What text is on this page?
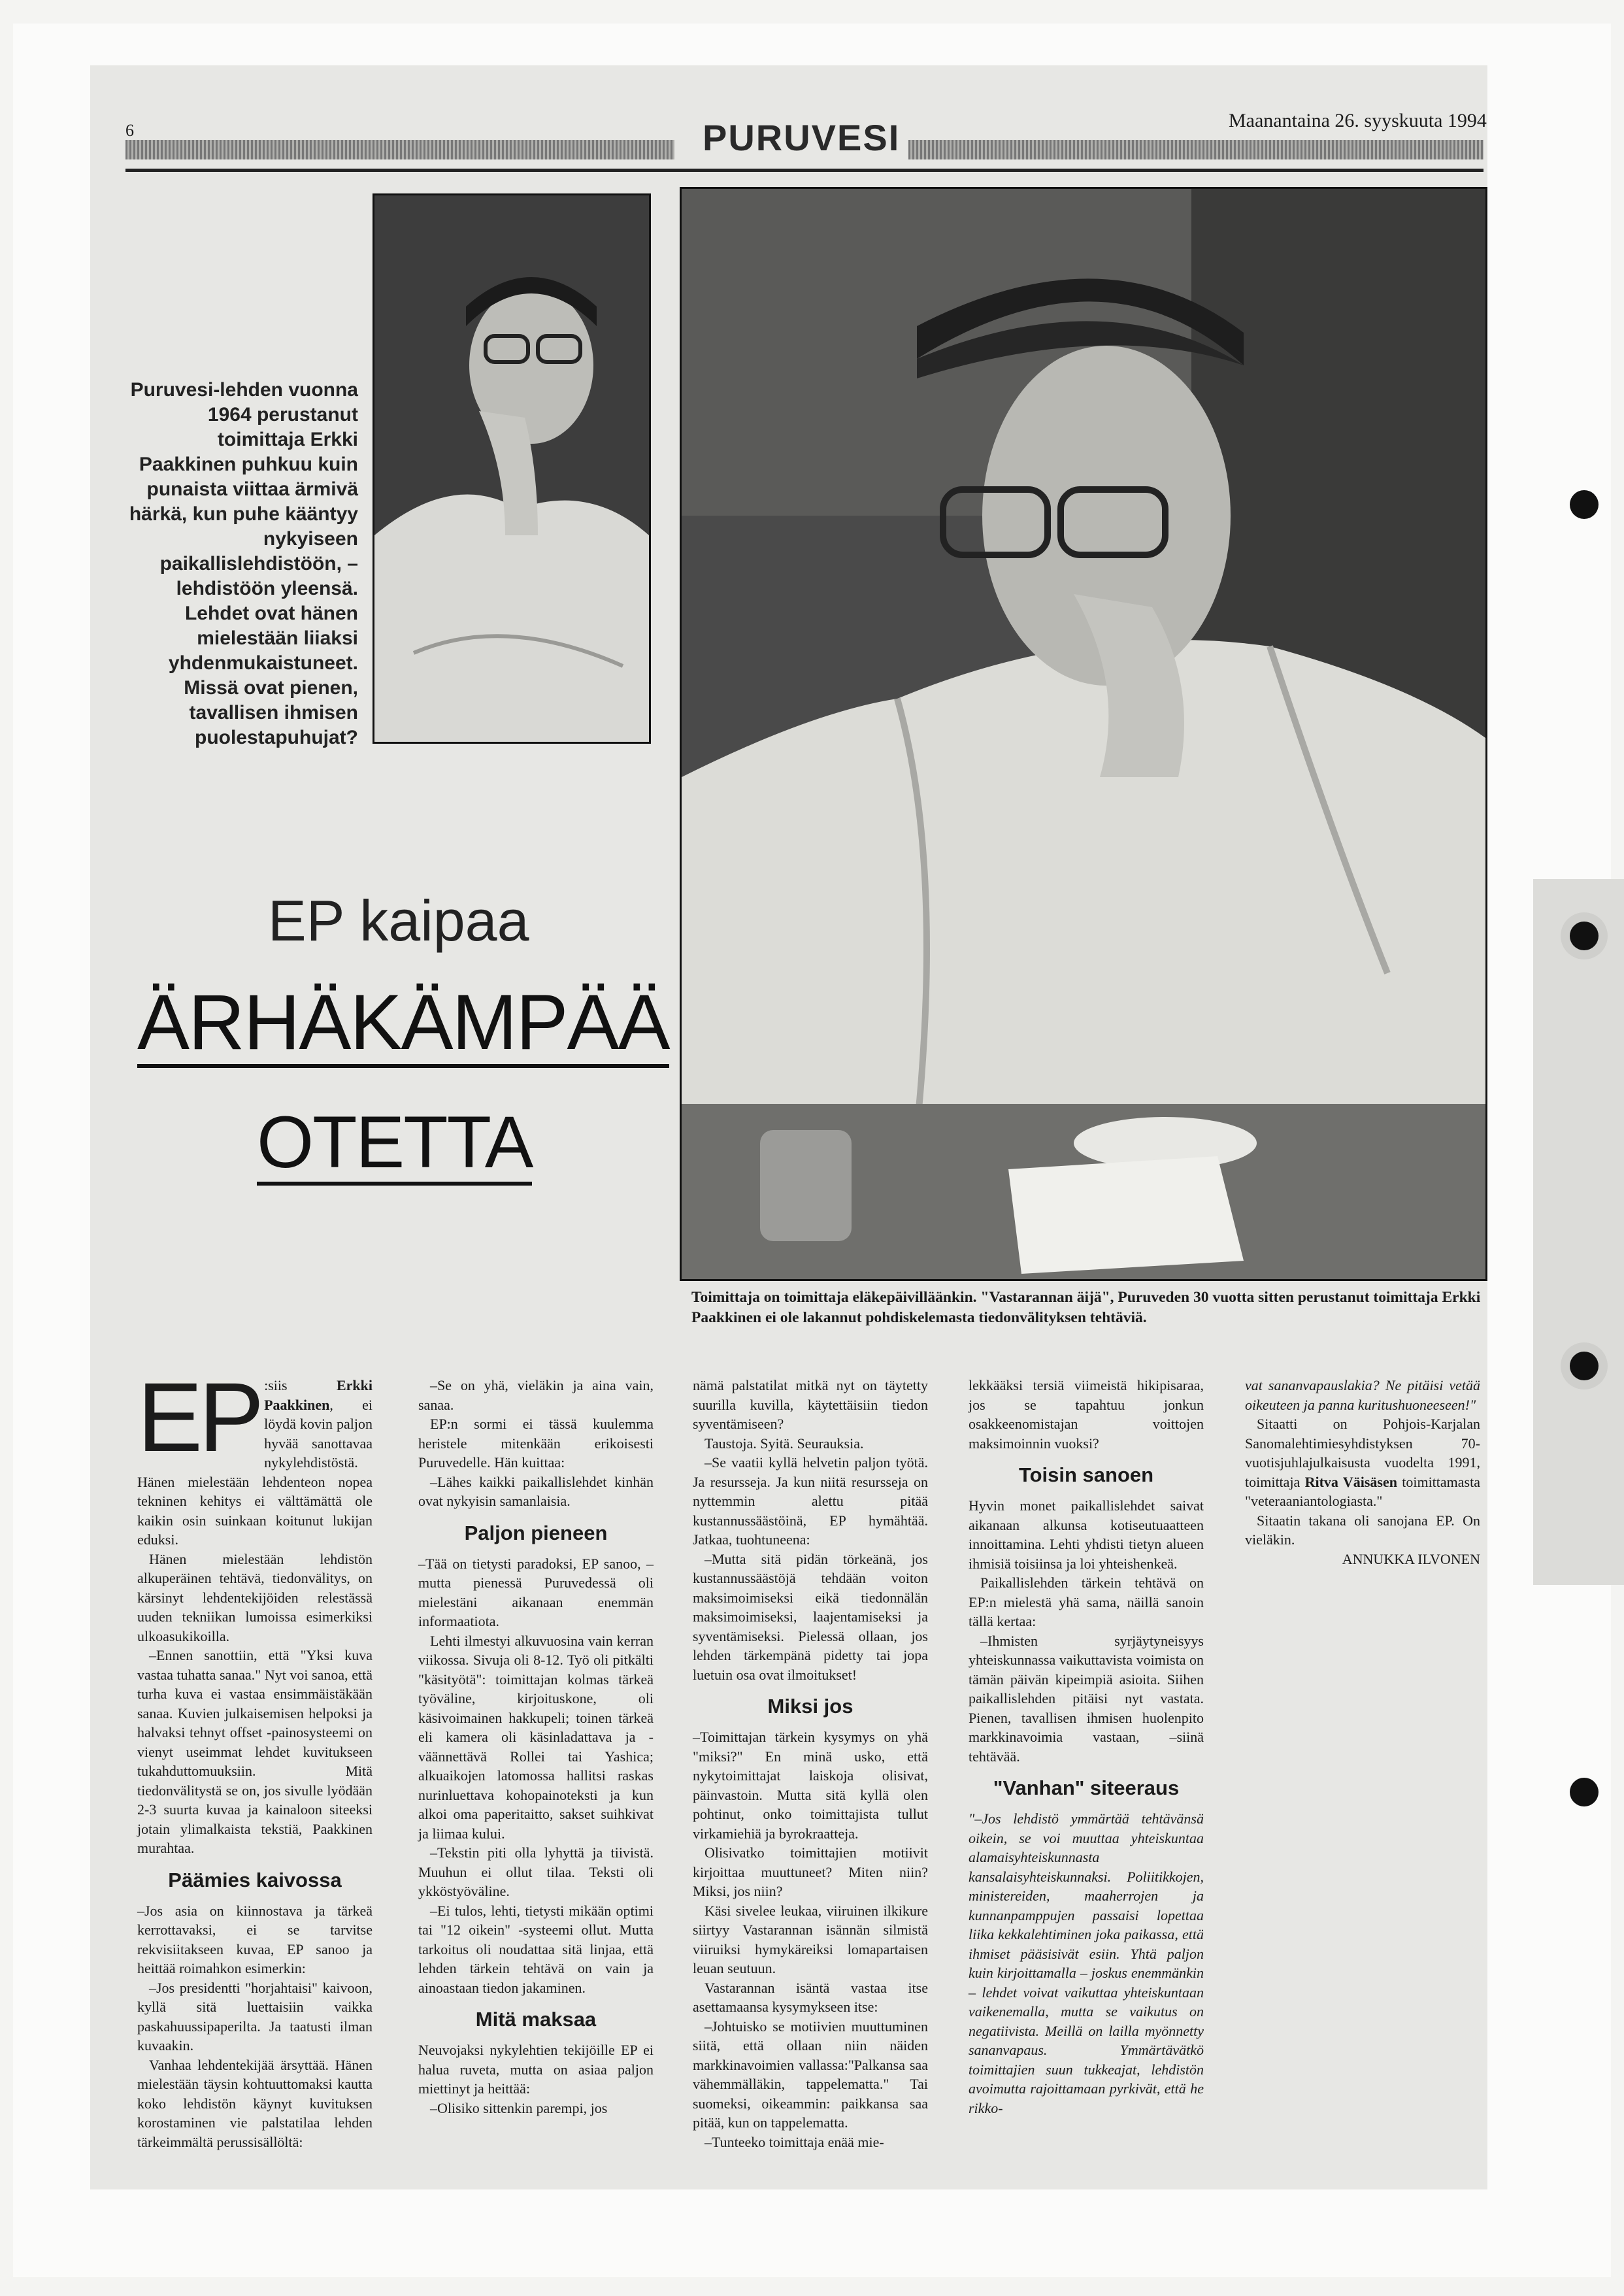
6	PURUVESI	Maanantaina 26. syyskuuta 1994
Puruvesi-lehden vuonna 1964 perustanut toimittaja Erkki Paakkinen puhkuu kuin punaista viittaa ärmivä härkä, kun puhe kääntyy nykyiseen paikallislehdistöön, – lehdistöön yleensä. Lehdet ovat hänen mielestään liiaksi yhdenmukaistuneet. Missä ovat pienen, tavallisen ihmisen puolestapuhujat?
EP kaipaa
ÄRHÄKÄMPÄÄ
OTETTA
Toimittaja on toimittaja eläkepäivilläänkin. "Vastarannan äijä", Puruveden 30 vuotta sitten perustanut toimittaja Erkki Paakkinen ei ole lakannut pohdiskelemasta tiedonvälityksen tehtäviä.

EP :siis Erkki Paakkinen, ei löydä kovin paljon hyvää sanottavaa nykylehdistöstä. Hänen mielestään lehdenteon nopea tekninen kehitys ei välttämättä ole kaikin osin suinkaan koitunut lukijan eduksi.

Hänen mielestään lehdistön alkuperäinen tehtävä, tiedonvälitys, on kärsinyt lehdentekijöiden relestässä uuden tekniikan lumoissa esimerkiksi ulkoasukikoilla.

–Ennen sanottiin, että "Yksi kuva vastaa tuhatta sanaa." Nyt voi sanoa, että turha kuva ei vastaa ensimmäistäkään sanaa. Kuvien julkaisemisen helpoksi ja halvaksi tehnyt offset -painosysteemi on vienyt useimmat lehdet kuvitukseen tukahduttomuuksiin. Mitä tiedonvälitystä se on, jos sivulle lyödään 2-3 suurta kuvaa ja kainaloon siteeksi jotain ylimalkaista tekstiä, Paakkinen murahtaa.

Päämies kaivossa

–Jos asia on kiinnostava ja tärkeä kerrottavaksi, ei se tarvitse rekvisiitakseen kuvaa, EP sanoo ja heittää roimahkon esimerkin:

–Jos presidentti "horjahtaisi" kaivoon, kyllä sitä luettaisiin vaikka paskahuussipaperilta. Ja taatusti ilman kuvaakin.

Vanhaa lehdentekijää ärsyttää. Hänen mielestään täysin kohtuuttomaksi kautta koko lehdistön käynyt kuvituksen korostaminen vie palstatilaa lehden tärkeimmältä perussisällöltä:

–Se on yhä, vieläkin ja aina vain, sanaa.

EP:n sormi ei tässä kuulemma heristele mitenkään erikoisesti Puruvedelle. Hän kuittaa:

–Lähes kaikki paikallislehdet kinhän ovat nykyisin samanlaisia.

Paljon pieneen

–Tää on tietysti paradoksi, EP sanoo, –mutta pienessä Puruvedessä oli mielestäni aikanaan enemmän informaatiota.

Lehti ilmestyi alkuvuosina vain kerran viikossa. Sivuja oli 8-12. Työ oli pitkälti "käsityötä": toimittajan kolmas tärkeä työväline, kirjoituskone, oli käsivoimainen hakkupeli; toinen tärkeä eli kamera oli käsinladattava ja -väännettävä Rollei tai Yashica; alkuaikojen latomossa hallitsi raskas nurinluettava kohopainoteksti ja kun alkoi oma paperitaitto, sakset suihkivat ja liimaa kului.

–Tekstin piti olla lyhyttä ja tiivistä. Muuhun ei ollut tilaa. Teksti oli ykköstyöväline.

–Ei tulos, lehti, tietysti mikään optimi tai "12 oikein" -systeemi ollut. Mutta tarkoitus oli noudattaa sitä linjaa, että lehden tärkein tehtävä on vain ja ainoastaan tiedon jakaminen.

Mitä maksaa

Neuvojaksi nykylehtien tekijöille EP ei halua ruveta, mutta on asiaa paljon miettinyt ja heittää:

–Olisiko sittenkin parempi, jos

nämä palstatilat mitkä nyt on täytetty suurilla kuvilla, käytettäisiin tiedon syventämiseen?

Taustoja. Syitä. Seurauksia.

–Se vaatii kyllä helvetin paljon työtä. Ja resursseja. Ja kun niitä resursseja on nyttemmin alettu pitää kustannussäästöinä, EP hymähtää. Jatkaa, tuohtuneena:

–Mutta sitä pidän törkeänä, jos kustannussäästöjä tehdään voiton maksimoimiseksi eikä tiedonnälän maksimoimiseksi, laajentamiseksi ja syventämiseksi. Pielessä ollaan, jos lehden tärkempänä pidetty tai jopa luetuin osa ovat ilmoitukset!

Miksi jos

–Toimittajan tärkein kysymys on yhä "miksi?" En minä usko, että nykytoimittajat laiskoja olisivat, päinvastoin. Mutta sitä kyllä olen pohtinut, onko toimittajista tullut virkamiehiä ja byrokraatteja.

Olisivatko toimittajien motiivit kirjoittaa muuttuneet? Miten niin? Miksi, jos niin?

Käsi sivelee leukaa, viiruinen ilkikure siirtyy Vastarannan isännän silmistä viiruiksi hymykäreiksi lomapartaisen leuan seutuun.

Vastarannan isäntä vastaa itse asettamaansa kysymykseen itse:

–Johtuisko se motiivien muuttuminen siitä, että ollaan niin näiden markkinavoimien vallassa:"Palkansa saa vähemmälläkin, tappelematta." Tai suomeksi, oikeammin: paikkansa saa pitää, kun on tappelematta.

–Tunteeko toimittaja enää mie-

lekkääksi tersiä viimeistä hikipisaraa, jos se tapahtuu jonkun osakkeenomistajan voittojen maksimoinnin vuoksi?

Toisin sanoen

Hyvin monet paikallislehdet saivat aikanaan alkunsa kotiseutuaatteen innoittamina. Lehti yhdisti tietyn alueen ihmisiä toisiinsa ja loi yhteishenkeä.

Paikallislehden tärkein tehtävä on EP:n mielestä yhä sama, näillä sanoin tällä kertaa:

–Ihmisten syrjäytyneisyys yhteiskunnassa vaikuttavista voimista on tämän päivän kipeimpiä asioita. Siihen paikallislehden pitäisi nyt vastata. Pienen, tavallisen ihmisen huolenpito markkinavoimia vastaan, –siinä tehtävää.

"Vanhan" siteeraus

"–Jos lehdistö ymmärtää tehtävänsä oikein, se voi muuttaa yhteiskuntaa alamaisyhteiskunnasta kansalaisyhteiskunnaksi. Poliitikkojen, ministereiden, maaherrojen ja kunnanpamppujen passaisi lopettaa liika kekkalehtiminen joka paikassa, että ihmiset pääsisivät esiin. Yhtä paljon kuin kirjoittamalla – joskus enemmänkin – lehdet voivat vaikuttaa yhteiskuntaan vaikenemalla, mutta se vaikutus on negatiivista. Meillä on lailla myönnetty sananvapaus. Ymmärtävätkö toimittajien suun tukkeajat, lehdistön avoimutta rajoittamaan pyrkivät, että he rikko-

vat sananvapauslakia? Ne pitäisi vetää oikeuteen ja panna kuritushuoneeseen!"

Sitaatti on Pohjois-Karjalan Sanomalehtimiesyhdistyksen 70-vuotisjuhlajulkaisusta vuodelta 1991, toimittaja Ritva Väisäsen toimittamasta "veteraaniantologiasta."

Sitaatin takana oli sanojana EP. On vieläkin.

ANNUKKA ILVONEN
